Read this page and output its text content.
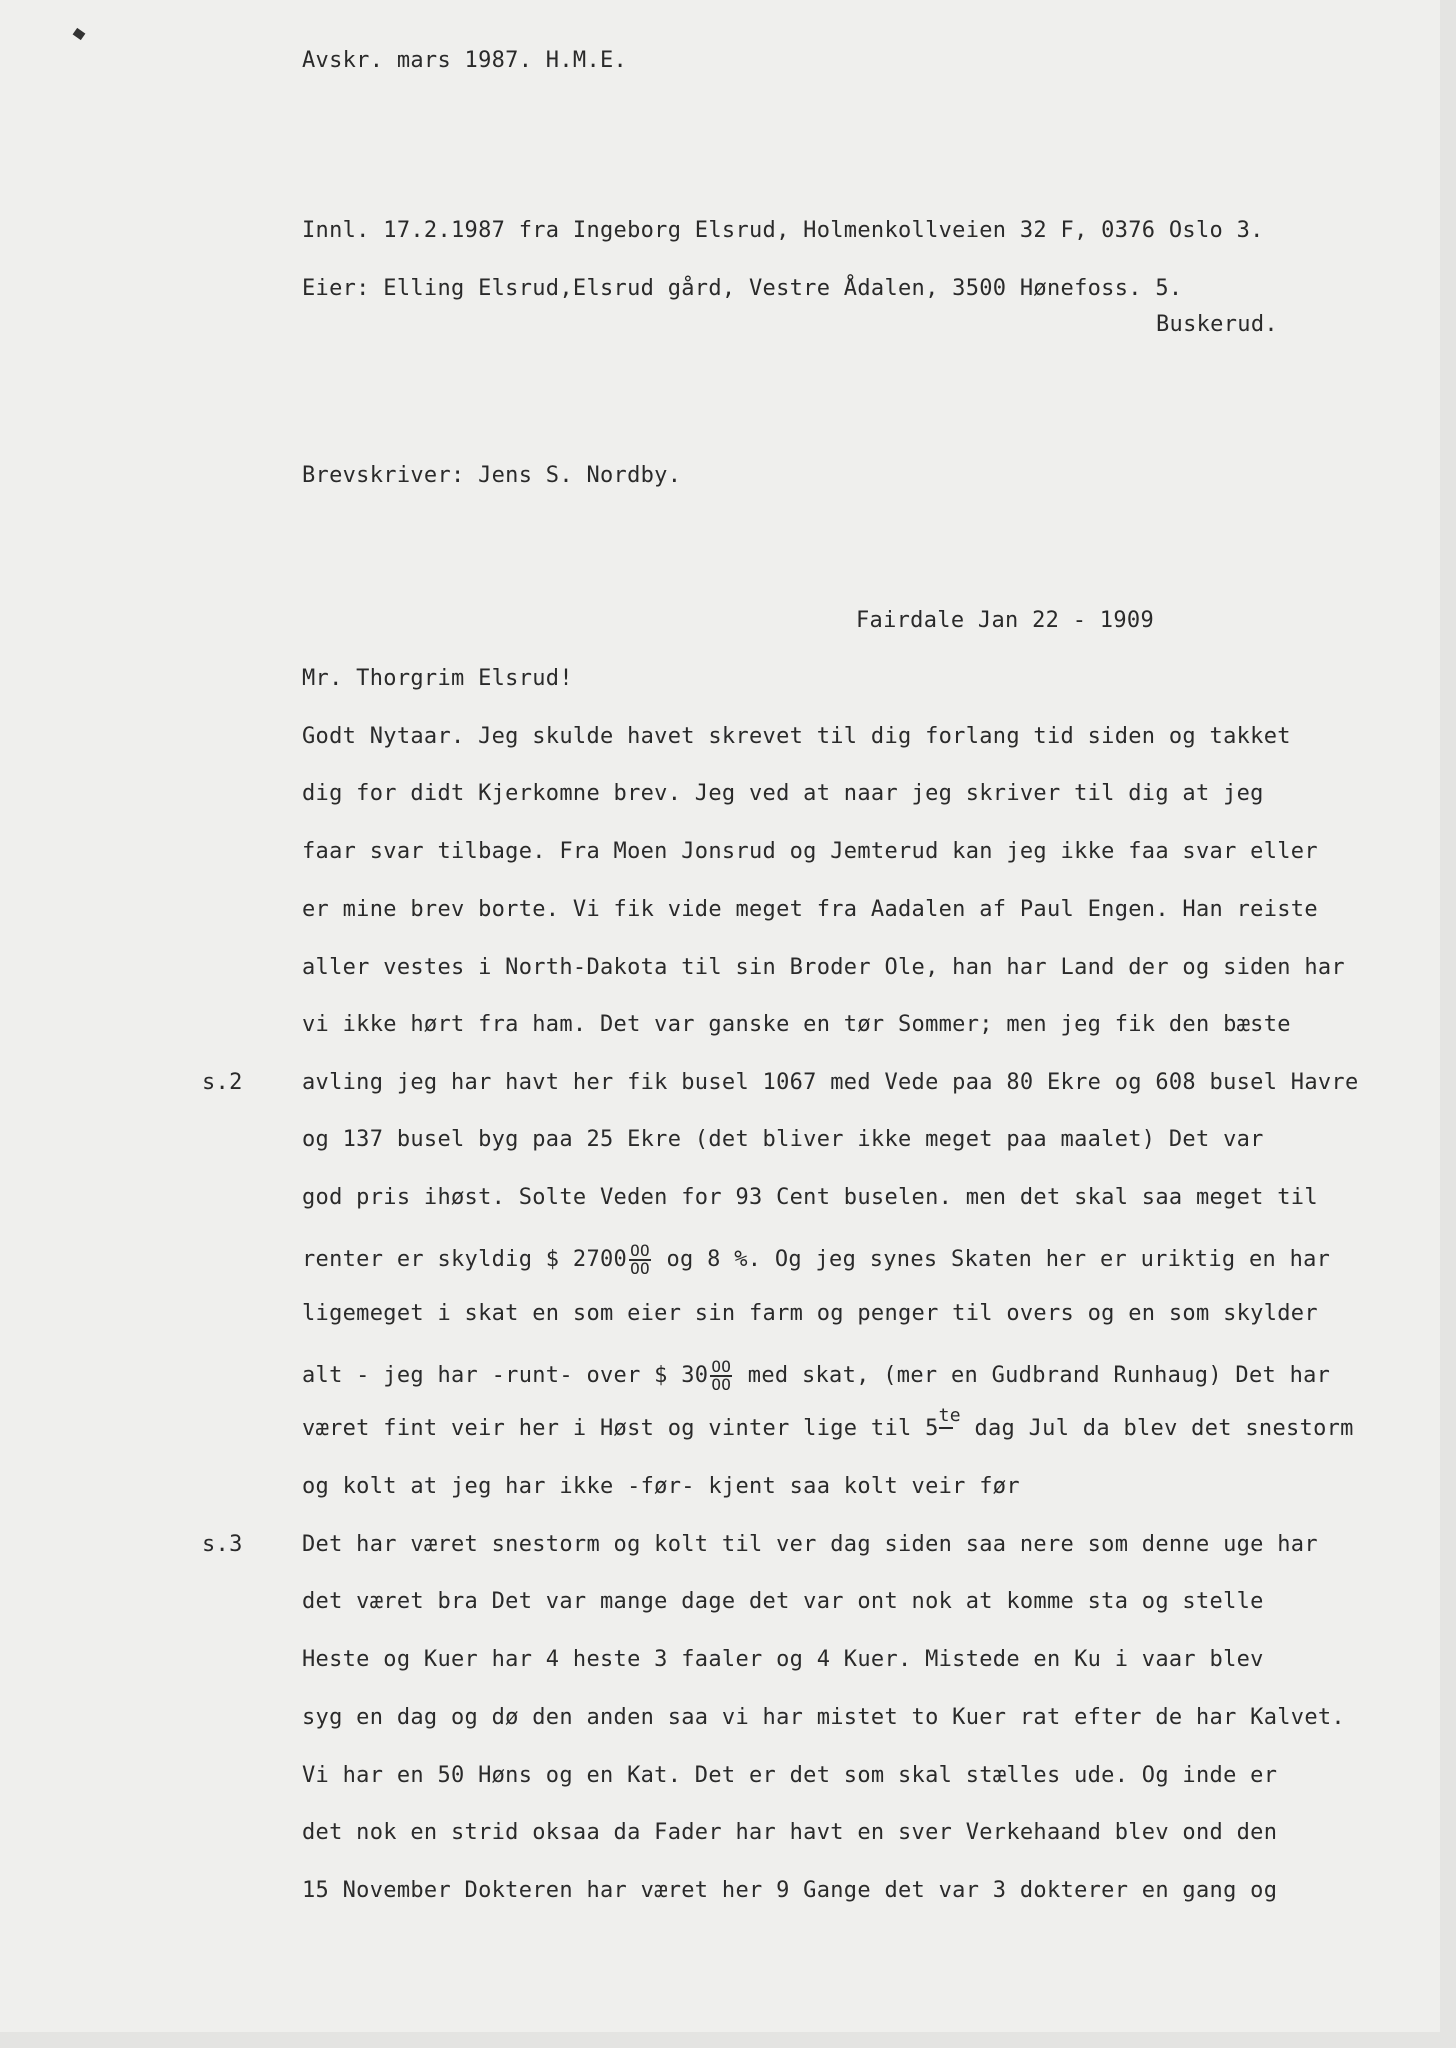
Avskr. mars 1987. H.M.E.
Innl. 17.2.1987 fra Ingeborg Elsrud, Holmenkollveien 32 F, 0376 Oslo 3.
Eier: Elling Elsrud,Elsrud gård, Vestre Ådalen, 3500 Hønefoss. 5.
Buskerud.
Brevskriver: Jens S. Nordby.
Fairdale Jan 22 - 1909
Mr. Thorgrim Elsrud!
Godt Nytaar. Jeg skulde havet skrevet til dig forlang tid siden og takket
dig for didt Kjerkomne brev. Jeg ved at naar jeg skriver til dig at jeg
faar svar tilbage. Fra Moen Jonsrud og Jemterud kan jeg ikke faa svar eller
er mine brev borte. Vi fik vide meget fra Aadalen af Paul Engen. Han reiste
aller vestes i North-Dakota til sin Broder Ole, han har Land der og siden har
vi ikke hørt fra ham. Det var ganske en tør Sommer; men jeg fik den bæste
s.2	avling jeg har havt her fik busel 1067 med Vede paa 80 Ekre og 608 busel Havre
og 137 busel byg paa 25 Ekre (det bliver ikke meget paa maalet) Det var
god pris ihøst. Solte Veden for 93 Cent buselen. men det skal saa meget til
renter er skyldig $ $2700 \frac{OO}{OO}$ og 8 %. Og jeg synes Skaten her er uriktig en har
ligemeget i skat en som eier sin farm og penger til overs og en som skylder
alt - jeg har -runt- over $ $30 \frac{OO}{OO}$ med skat, (mer en Gudbrand Runhaug) Det har
været fint veir her i Høst og vinter lige til 5te
dag Jul da blev det snestorm
og kolt at jeg har ikke -før- kjent saa kolt veir før
s.3	Det har været snestorm og kolt til ver dag siden saa nere som denne uge har
det været bra Det var mange dage det var ont nok at komme sta og stelle
Heste og Kuer har 4 heste 3 faaler og 4 Kuer. Mistede en Ku i vaar blev
syg en dag og dø den anden saa vi har mistet to Kuer rat efter de har Kalvet.
Vi har en 50 Høns og en Kat. Det er det som skal stælles ude. Og inde er
det nok en strid oksaa da Fader har havt en sver Verkehaand blev ond den
15 November Dokteren har været her 9 Gange det var 3 dokterer en gang og
